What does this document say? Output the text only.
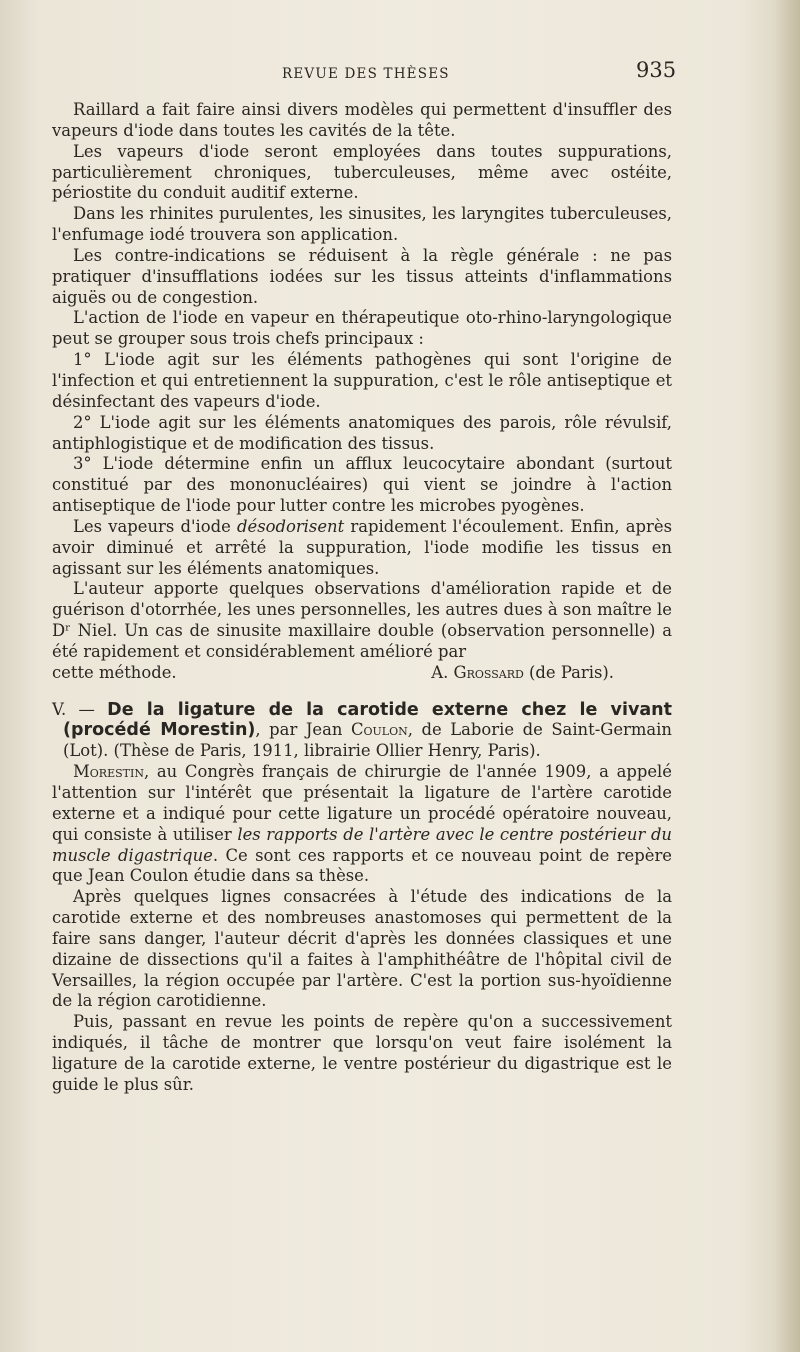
REVUE DES THÈSES	935

Raillard a fait faire ainsi divers modèles qui permettent d'insuffler des vapeurs d'iode dans toutes les cavités de la tête.

Les vapeurs d'iode seront employées dans toutes suppurations, particulièrement chroniques, tuberculeuses, même avec ostéite, périostite du conduit auditif externe.

Dans les rhinites purulentes, les sinusites, les laryngites tuberculeuses, l'enfumage iodé trouvera son application.

Les contre-indications se réduisent à la règle générale : ne pas pratiquer d'insufflations iodées sur les tissus atteints d'inflammations aiguës ou de congestion.

L'action de l'iode en vapeur en thérapeutique oto-rhino-laryngologique peut se grouper sous trois chefs principaux :

1° L'iode agit sur les éléments pathogènes qui sont l'origine de l'infection et qui entretiennent la suppuration, c'est le rôle antiseptique et désinfectant des vapeurs d'iode.

2° L'iode agit sur les éléments anatomiques des parois, rôle révulsif, antiphlogistique et de modification des tissus.

3° L'iode détermine enfin un afflux leucocytaire abondant (surtout constitué par des mononucléaires) qui vient se joindre à l'action antiseptique de l'iode pour lutter contre les microbes pyogènes.

Les vapeurs d'iode désodorisent rapidement l'écoulement. Enfin, après avoir diminué et arrêté la suppuration, l'iode modifie les tissus en agissant sur les éléments anatomiques.

L'auteur apporte quelques observations d'amélioration rapide et de guérison d'otorrhée, les unes personnelles, les autres dues à son maître le Dʳ Niel. Un cas de sinusite maxillaire double (observation personnelle) a été rapidement et considérablement amélioré par

cette méthode.	A. Grossard (de Paris).

V. — De la ligature de la carotide externe chez le vivant (procédé Morestin), par Jean Coulon, de Laborie de Saint-Germain (Lot). (Thèse de Paris, 1911, librairie Ollier Henry, Paris).

Morestin, au Congrès français de chirurgie de l'année 1909, a appelé l'attention sur l'intérêt que présentait la ligature de l'artère carotide externe et a indiqué pour cette ligature un procédé opératoire nouveau, qui consiste à utiliser les rapports de l'artère avec le centre postérieur du muscle digastrique. Ce sont ces rapports et ce nouveau point de repère que Jean Coulon étudie dans sa thèse.

Après quelques lignes consacrées à l'étude des indications de la carotide externe et des nombreuses anastomoses qui permettent de la faire sans danger, l'auteur décrit d'après les données classiques et une dizaine de dissections qu'il a faites à l'amphithéâtre de l'hôpital civil de Versailles, la région occupée par l'artère. C'est la portion sus-hyoïdienne de la région carotidienne.

Puis, passant en revue les points de repère qu'on a successivement indiqués, il tâche de montrer que lorsqu'on veut faire isolément la ligature de la carotide externe, le ventre postérieur du digastrique est le guide le plus sûr.
